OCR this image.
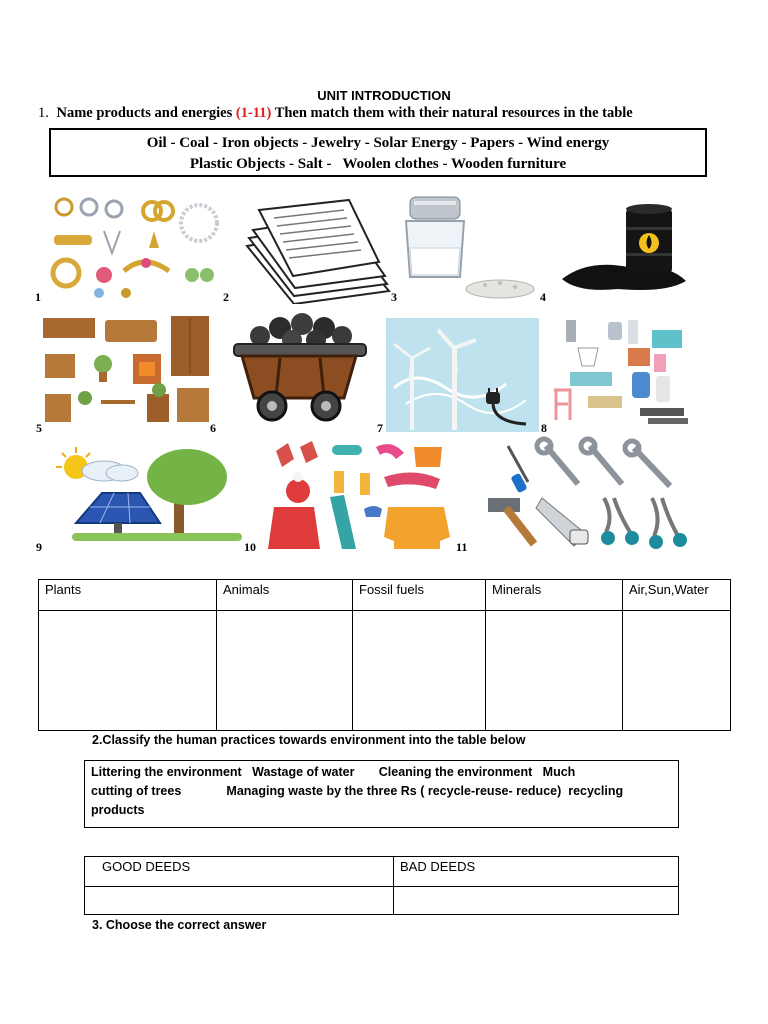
UNIT INTRODUCTION
1. Name products and energies (1-11) Then match them with their natural resources in the table
Oil - Coal - Iron objects - Jewelry - Solar Energy - Papers - Wind energy
Plastic Objects - Salt -   Woolen clothes - Wooden furniture
1	2	3	4
5	6	7	8
9	10	11
Plants	Animals	Fossil fuels	Minerals	Air,Sun,Water

2.Classify the human practices towards environment into the table below
Littering the environment   Wastage of water       Cleaning the environment   Much
cutting of trees             Managing waste by the three Rs ( recycle-reuse- reduce)  recycling
products
GOOD DEEDS	BAD DEEDS

3. Choose the correct answer
